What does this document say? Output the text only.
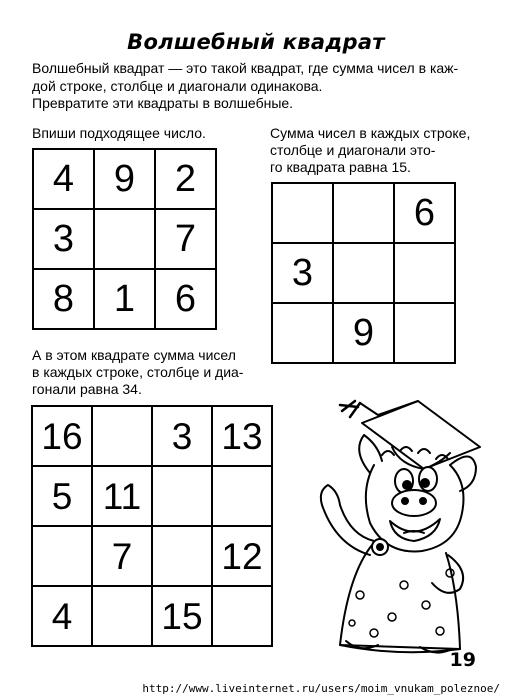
Волшебный квадрат

Волшебный квадрат — это такой квадрат, где сумма чисел в каж-

дой строке, столбце и диагонали одинакова.

Превратите эти квадраты в волшебные.

Впиши подходящее число.
4	9	2
3		7
8	1	6
Сумма чисел в каждых строке,
столбце и диагонали это-
го квадрата равна 15.
		6
3		
	9	
А в этом квадрате сумма чисел
в каждых строке, столбце и диа-
гонали равна 34.
16		3	13
5	11		
	7		12
4		15	
19
http://www.liveinternet.ru/users/moim_vnukam_poleznoe/
